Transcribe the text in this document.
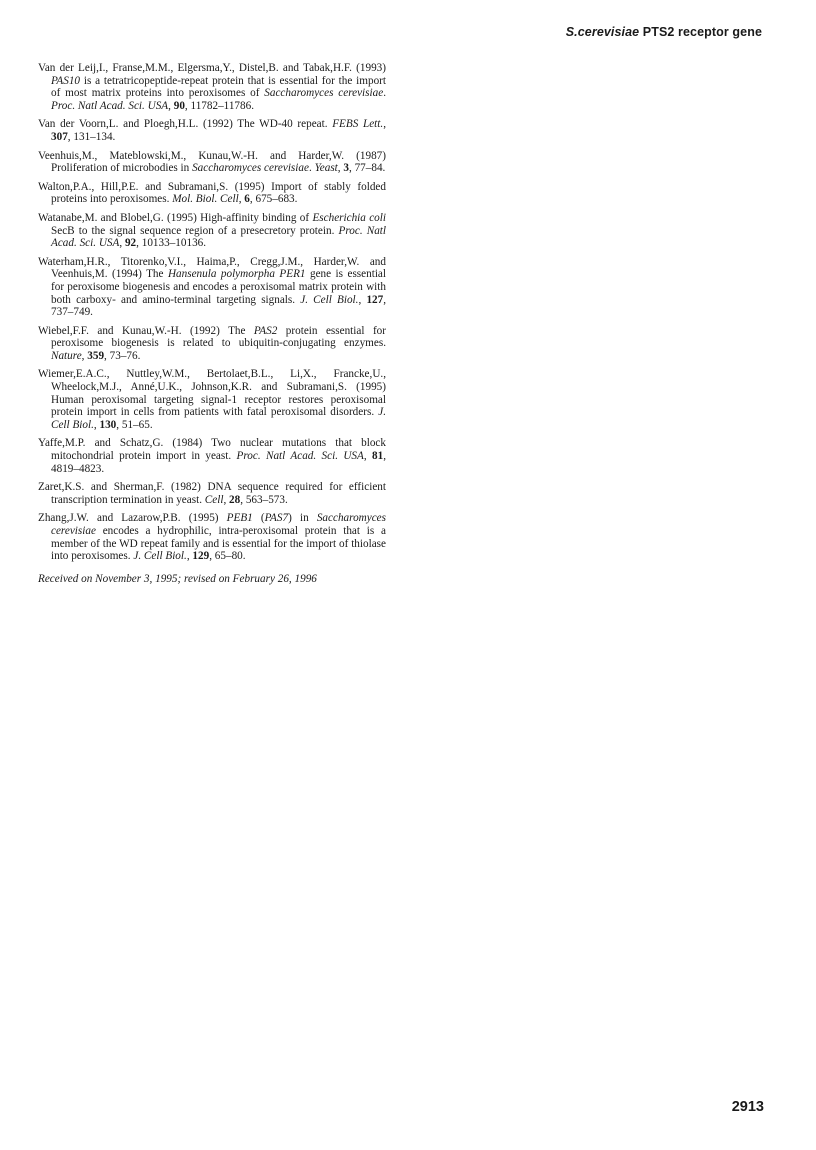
S.cerevisiae PTS2 receptor gene
Van der Leij,I., Franse,M.M., Elgersma,Y., Distel,B. and Tabak,H.F. (1993) PAS10 is a tetratricopeptide-repeat protein that is essential for the import of most matrix proteins into peroxisomes of Saccharomyces cerevisiae. Proc. Natl Acad. Sci. USA, 90, 11782–11786.
Van der Voorn,L. and Ploegh,H.L. (1992) The WD-40 repeat. FEBS Lett., 307, 131–134.
Veenhuis,M., Mateblowski,M., Kunau,W.-H. and Harder,W. (1987) Proliferation of microbodies in Saccharomyces cerevisiae. Yeast, 3, 77–84.
Walton,P.A., Hill,P.E. and Subramani,S. (1995) Import of stably folded proteins into peroxisomes. Mol. Biol. Cell, 6, 675–683.
Watanabe,M. and Blobel,G. (1995) High-affinity binding of Escherichia coli SecB to the signal sequence region of a presecretory protein. Proc. Natl Acad. Sci. USA, 92, 10133–10136.
Waterham,H.R., Titorenko,V.I., Haima,P., Cregg,J.M., Harder,W. and Veenhuis,M. (1994) The Hansenula polymorpha PER1 gene is essential for peroxisome biogenesis and encodes a peroxisomal matrix protein with both carboxy- and amino-terminal targeting signals. J. Cell Biol., 127, 737–749.
Wiebel,F.F. and Kunau,W.-H. (1992) The PAS2 protein essential for peroxisome biogenesis is related to ubiquitin-conjugating enzymes. Nature, 359, 73–76.
Wiemer,E.A.C., Nuttley,W.M., Bertolaet,B.L., Li,X., Francke,U., Wheelock,M.J., Anné,U.K., Johnson,K.R. and Subramani,S. (1995) Human peroxisomal targeting signal-1 receptor restores peroxisomal protein import in cells from patients with fatal peroxisomal disorders. J. Cell Biol., 130, 51–65.
Yaffe,M.P. and Schatz,G. (1984) Two nuclear mutations that block mitochondrial protein import in yeast. Proc. Natl Acad. Sci. USA, 81, 4819–4823.
Zaret,K.S. and Sherman,F. (1982) DNA sequence required for efficient transcription termination in yeast. Cell, 28, 563–573.
Zhang,J.W. and Lazarow,P.B. (1995) PEB1 (PAS7) in Saccharomyces cerevisiae encodes a hydrophilic, intra-peroxisomal protein that is a member of the WD repeat family and is essential for the import of thiolase into peroxisomes. J. Cell Biol., 129, 65–80.
Received on November 3, 1995; revised on February 26, 1996
2913
